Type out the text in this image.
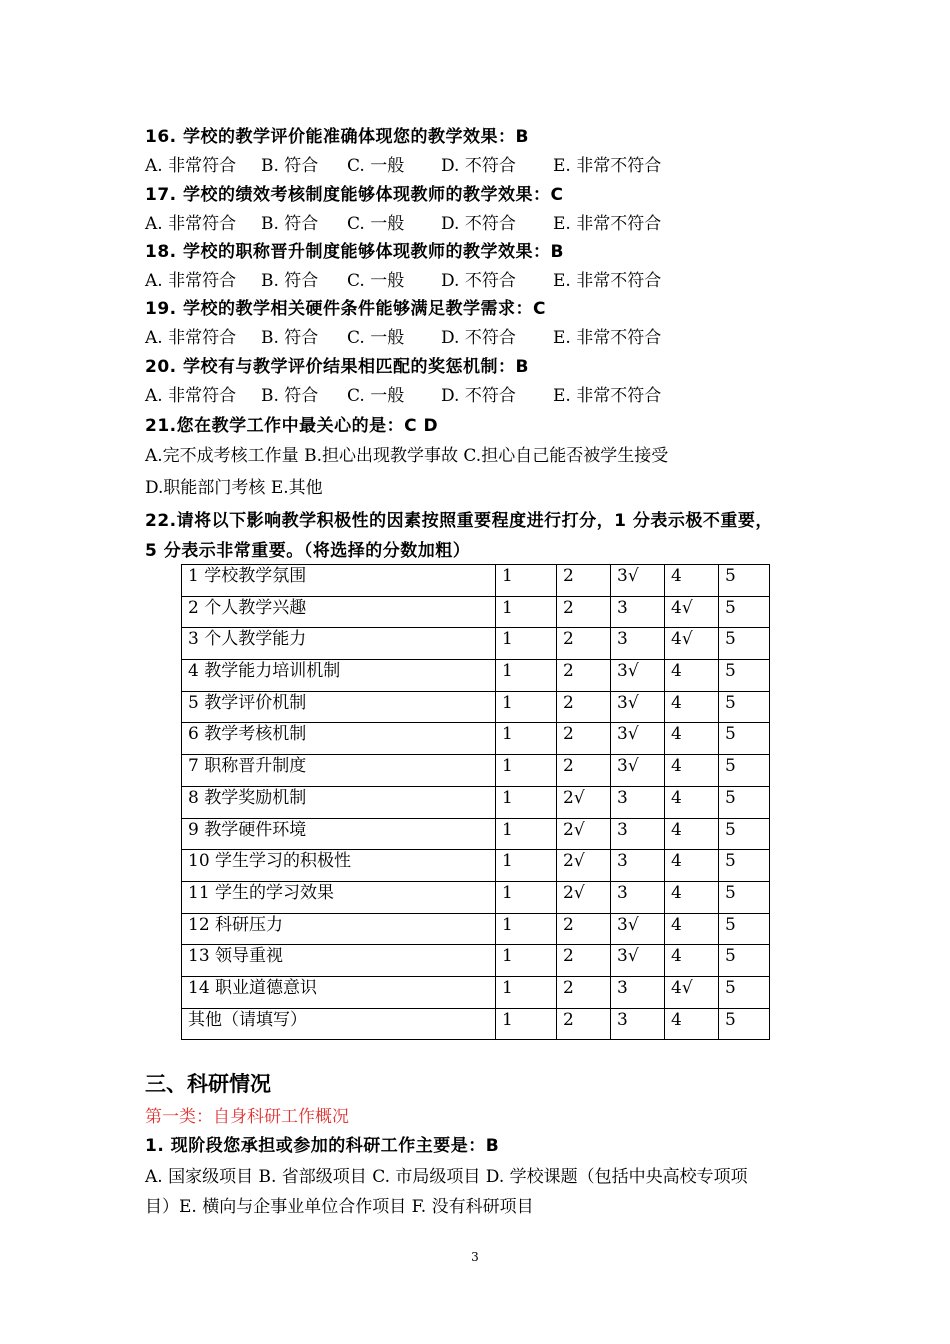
16. 学校的教学评价能准确体现您的教学效果：B
A. 非常符合 B. 符合 C. 一般 D. 不符合 E. 非常不符合
17. 学校的绩效考核制度能够体现教师的教学效果：C
A. 非常符合 B. 符合 C. 一般 D. 不符合 E. 非常不符合
18. 学校的职称晋升制度能够体现教师的教学效果：B
A. 非常符合 B. 符合 C. 一般 D. 不符合 E. 非常不符合
19. 学校的教学相关硬件条件能够满足教学需求：C
A. 非常符合 B. 符合 C. 一般 D. 不符合 E. 非常不符合
20. 学校有与教学评价结果相匹配的奖惩机制：B
A. 非常符合 B. 符合 C. 一般 D. 不符合 E. 非常不符合
21.您在教学工作中最关心的是：C D
A.完不成考核工作量 B.担心出现教学事故 C.担心自己能否被学生接受
D.职能部门考核 E.其他
22.请将以下影响教学积极性的因素按照重要程度进行打分，1 分表示极不重要，
5 分表示非常重要。（将选择的分数加粗）
1 学校教学氛围	1	2	3√	4	5
2 个人教学兴趣	1	2	3	4√	5
3 个人教学能力	1	2	3	4√	5
4 教学能力培训机制	1	2	3√	4	5
5 教学评价机制	1	2	3√	4	5
6 教学考核机制	1	2	3√	4	5
7 职称晋升制度	1	2	3√	4	5
8 教学奖励机制	1	2√	3	4	5
9 教学硬件环境	1	2√	3	4	5
10 学生学习的积极性	1	2√	3	4	5
11 学生的学习效果	1	2√	3	4	5
12 科研压力	1	2	3√	4	5
13 领导重视	1	2	3√	4	5
14 职业道德意识	1	2	3	4√	5
其他（请填写）	1	2	3	4	5
三、科研情况
第一类：自身科研工作概况
1. 现阶段您承担或参加的科研工作主要是：B
A. 国家级项目 B. 省部级项目 C. 市局级项目 D. 学校课题（包括中央高校专项项
目）E. 横向与企事业单位合作项目 F. 没有科研项目
3
